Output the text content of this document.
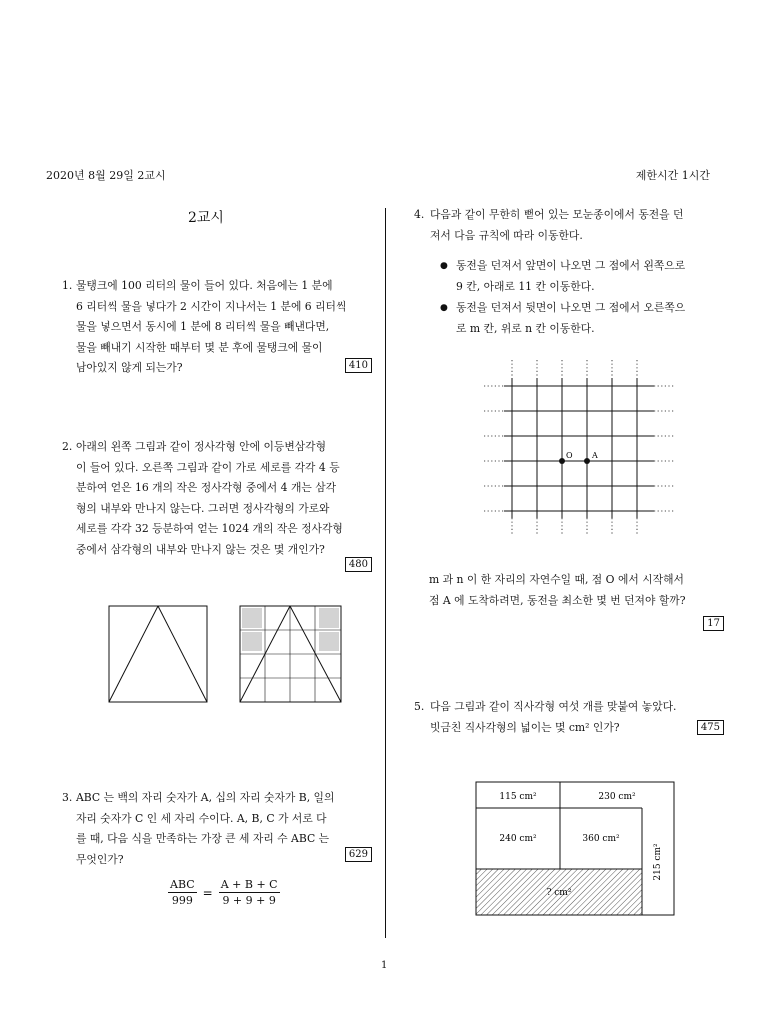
2020년 8월 29일 2교시	제한시간 1시간
2교시
1. 물탱크에 100 리터의 물이 들어 있다. 처음에는 1 분에
6 리터씩 물을 넣다가 2 시간이 지나서는 1 분에 6 리터씩
물을 넣으면서 동시에 1 분에 8 리터씩 물을 빼낸다면,
물을 빼내기 시작한 때부터 몇 분 후에 물탱크에 물이
남아있지 않게 되는가?	410
2. 아래의 왼쪽 그림과 같이 정사각형 안에 이등변삼각형
이 들어 있다. 오른쪽 그림과 같이 가로 세로를 각각 4 등
분하여 얻은 16 개의 작은 정사각형 중에서 4 개는 삼각
형의 내부와 만나지 않는다. 그러면 정사각형의 가로와
세로를 각각 32 등분하여 얻는 1024 개의 작은 정사각형
중에서 삼각형의 내부와 만나지 않는 것은 몇 개인가?
480
3. ABC 는 백의 자리 숫자가 A, 십의 자리 숫자가 B, 일의
자리 숫자가 C 인 세 자리 수이다. A, B, C 가 서로 다
를 때, 다음 식을 만족하는 가장 큰 세 자리 수 ABC 는
무엇인가?	629
$\frac{\text{ABC}}{999} = \frac{A + B + C}{9 + 9 + 9}$
4. 다음과 같이 무한히 뻗어 있는 모눈종이에서 동전을 던
져서 다음 규칙에 따라 이동한다.
● 동전을 던져서 앞면이 나오면 그 점에서 왼쪽으로
9 칸, 아래로 11 칸 이동한다.
● 동전을 던져서 뒷면이 나오면 그 점에서 오른쪽으
로 m 칸, 위로 n 칸 이동한다.
O A
m 과 n 이 한 자리의 자연수일 때, 점 O 에서 시작해서
점 A 에 도착하려면, 동전을 최소한 몇 번 던져야 할까?
17
5. 다음 그림과 같이 직사각형 여섯 개를 맞붙여 놓았다.
빗금친 직사각형의 넓이는 몇 cm² 인가?	475
115 cm²	230 cm²
240 cm²	360 cm²
215 cm²
? cm²
1
